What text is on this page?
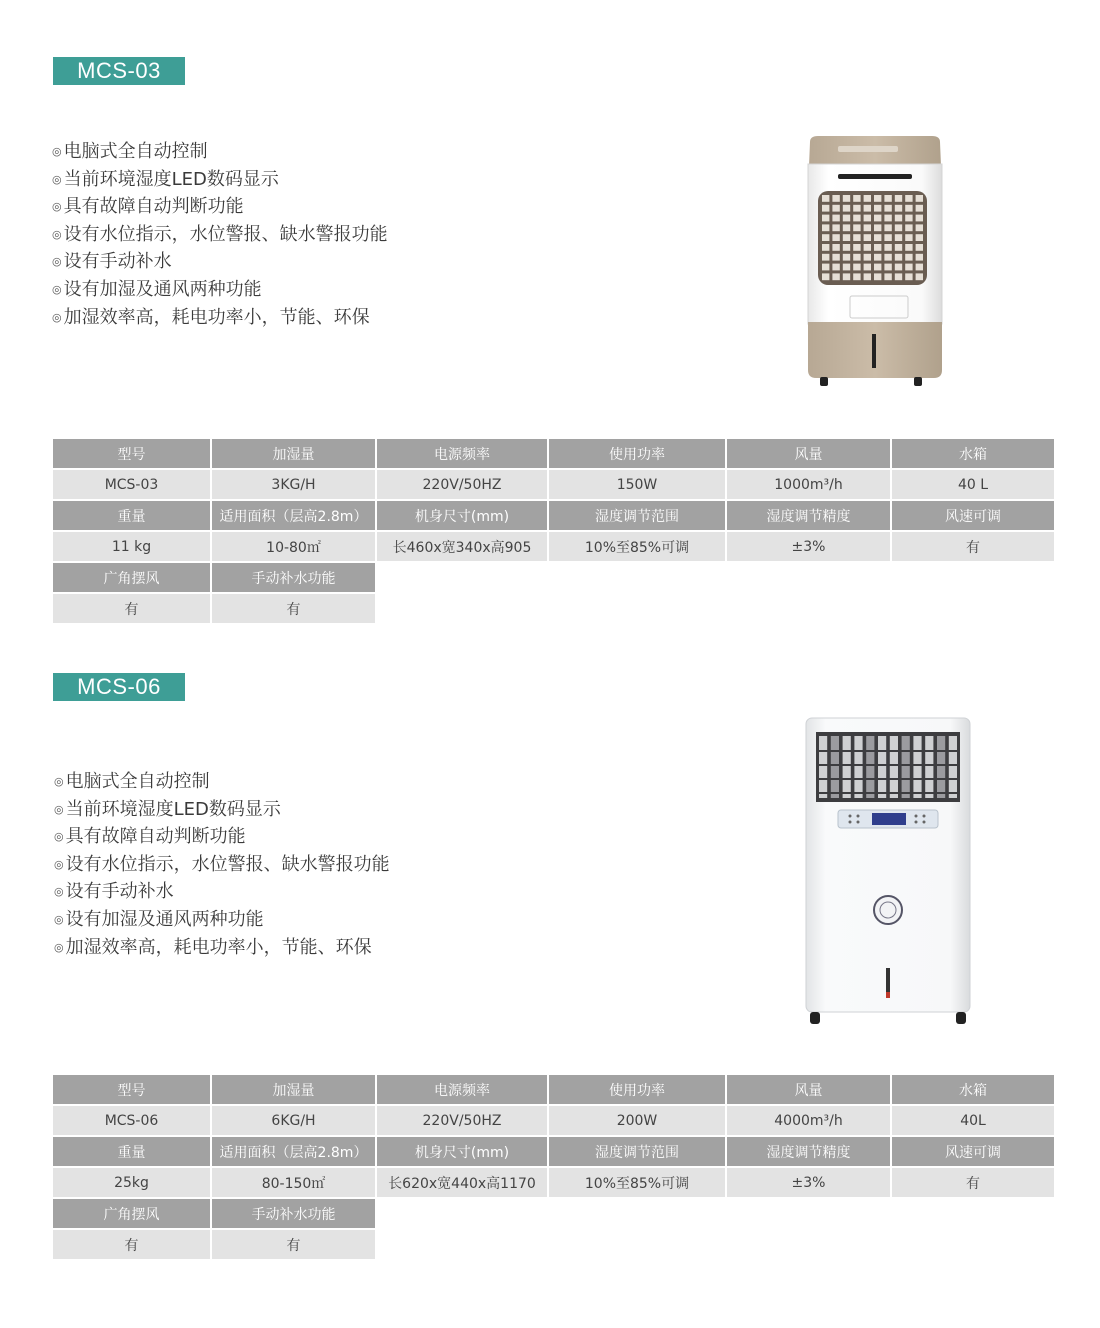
MCS-03
◎ 电脑式全自动控制
◎ 当前环境湿度LED数码显示
◎ 具有故障自动判断功能
◎ 设有水位指示，水位警报、缺水警报功能
◎ 设有手动补水
◎ 设有加湿及通风两种功能
◎ 加湿效率高，耗电功率小，节能、环保
型号	加湿量	电源频率	使用功率	风量	水箱
MCS-03	3KG/H	220V/50HZ	150W	1000m³/h	40 L
重量	适用面积（层高2.8m）	机身尺寸(mm)	湿度调节范围	湿度调节精度	风速可调
11 kg	10-80㎡	长460x宽340x高905	10%至85%可调	±3%	有
广角摆风	手动补水功能				
有	有				
MCS-06
◎ 电脑式全自动控制
◎ 当前环境湿度LED数码显示
◎ 具有故障自动判断功能
◎ 设有水位指示，水位警报、缺水警报功能
◎ 设有手动补水
◎ 设有加湿及通风两种功能
◎ 加湿效率高，耗电功率小，节能、环保
型号	加湿量	电源频率	使用功率	风量	水箱
MCS-06	6KG/H	220V/50HZ	200W	4000m³/h	40L
重量	适用面积（层高2.8m）	机身尺寸(mm)	湿度调节范围	湿度调节精度	风速可调
25kg	80-150㎡	长620x宽440x高1170	10%至85%可调	±3%	有
广角摆风	手动补水功能				
有	有				
